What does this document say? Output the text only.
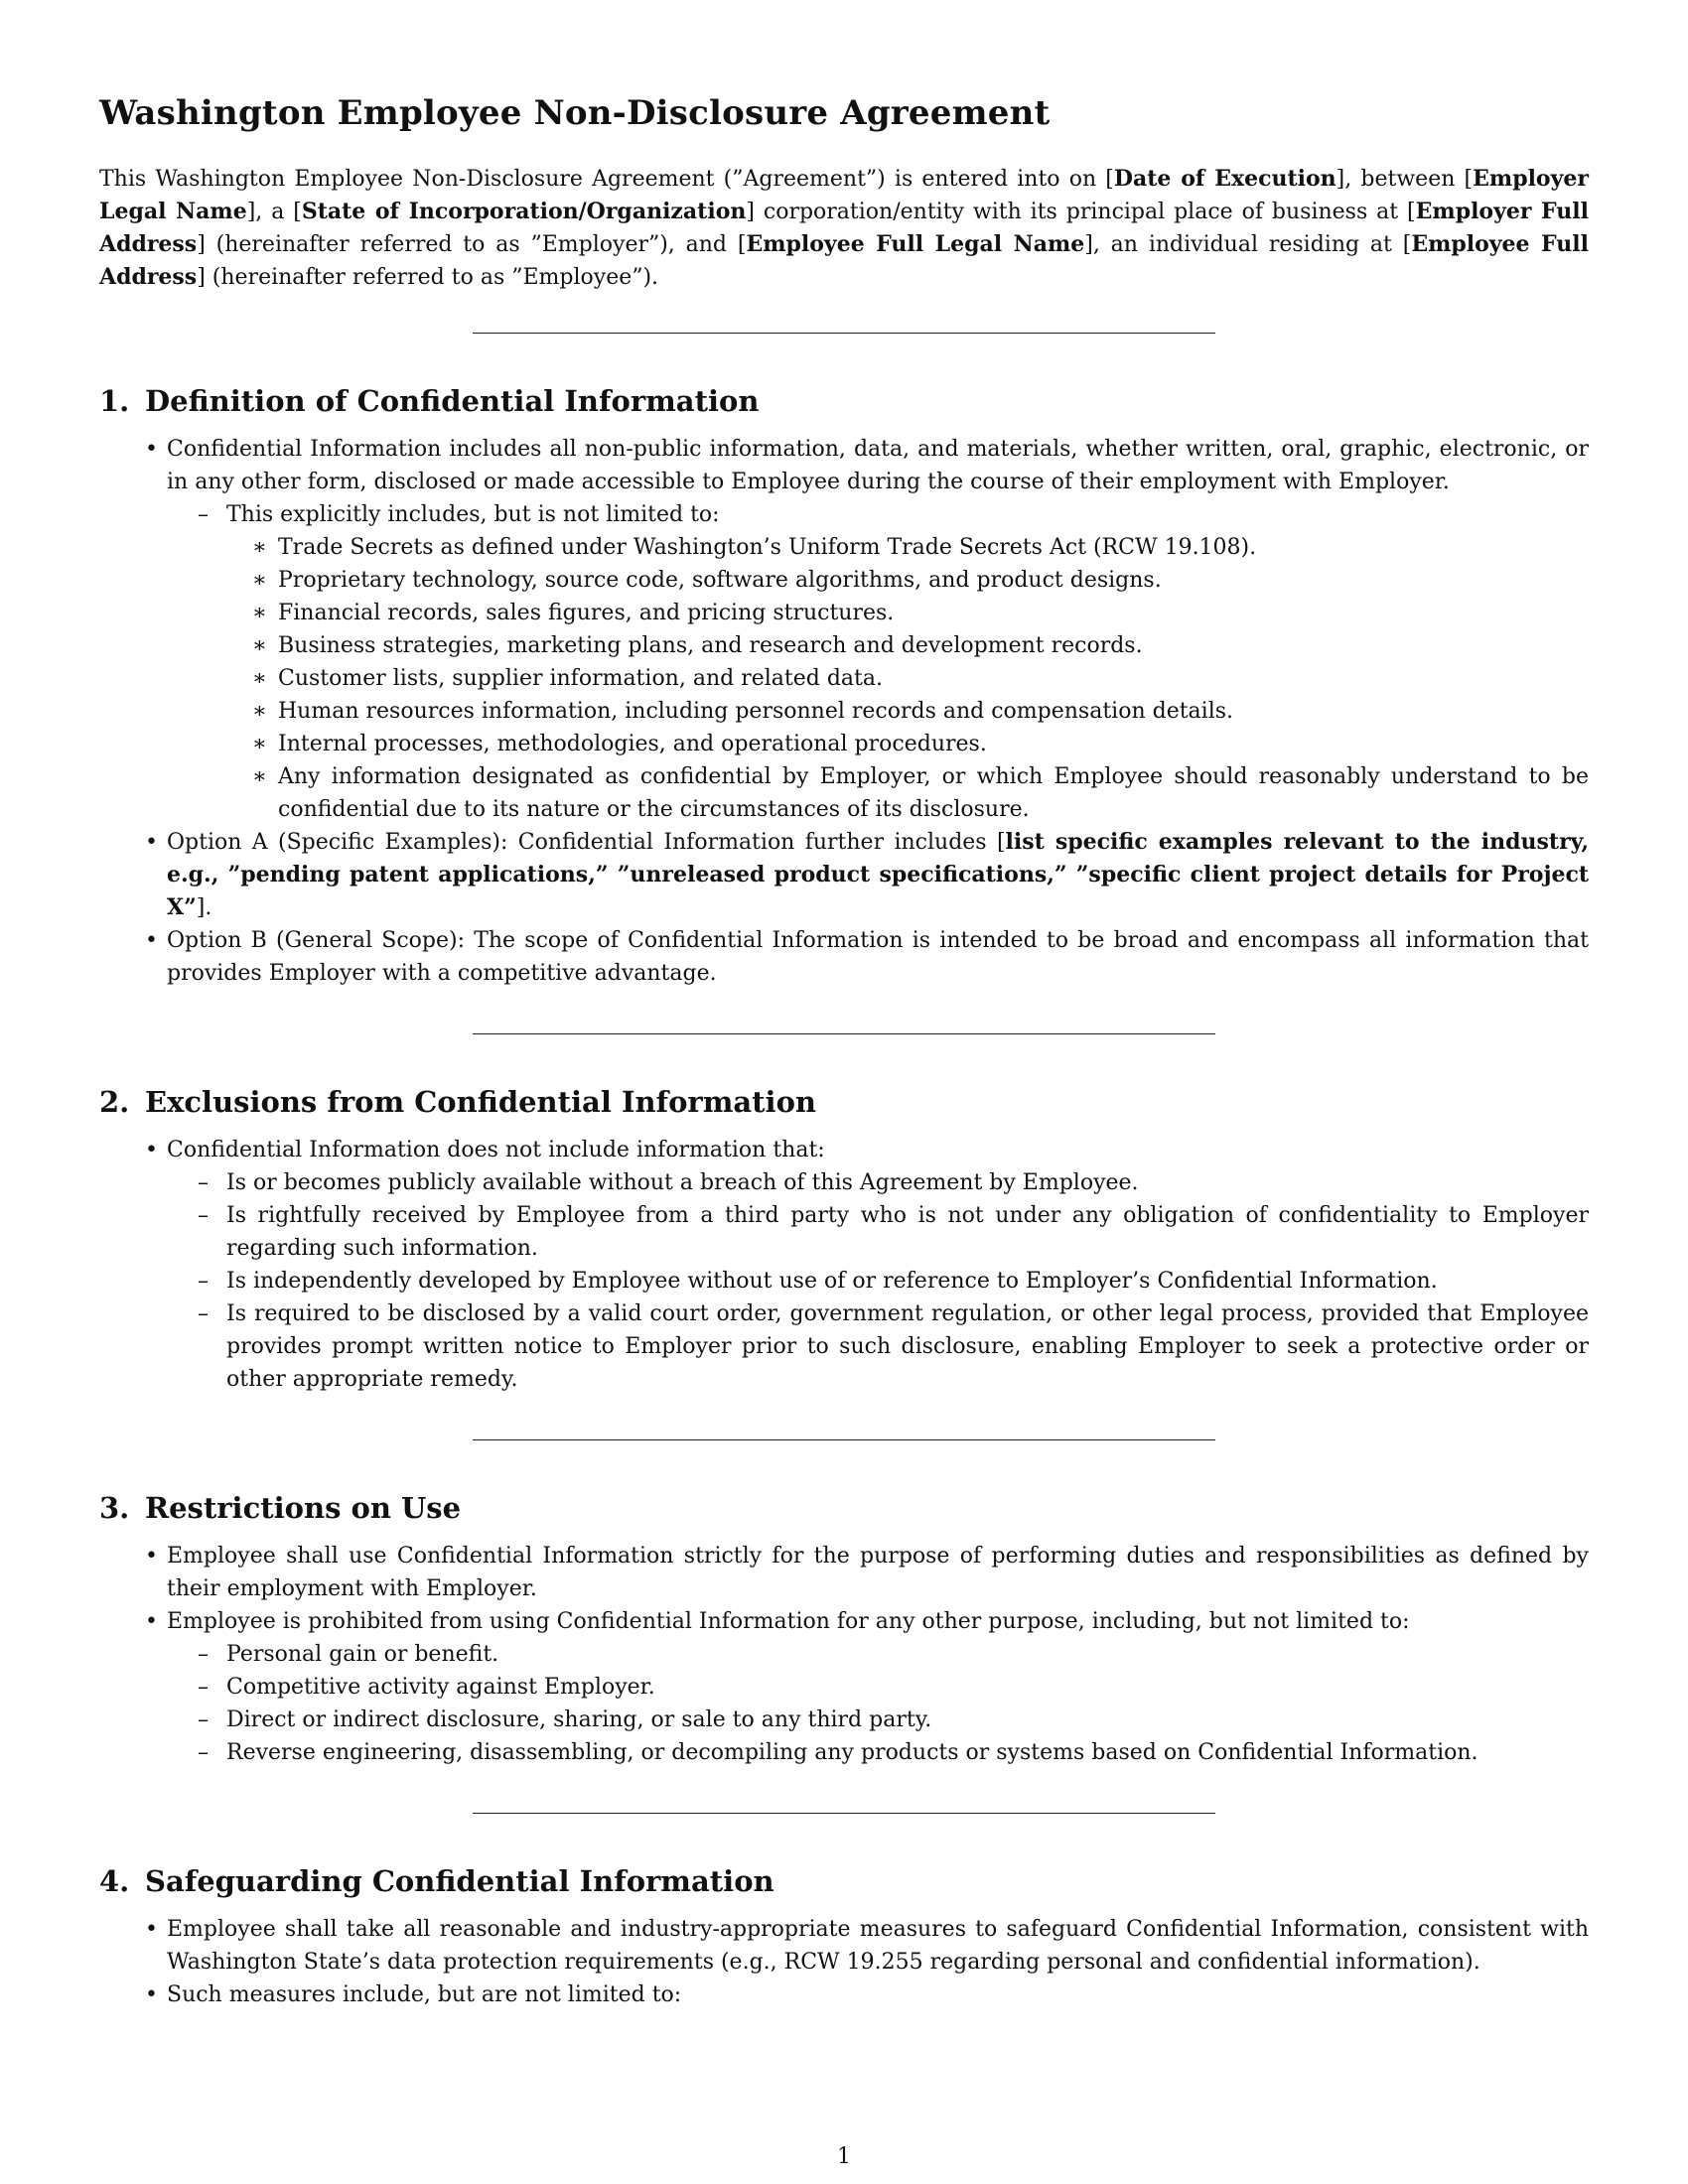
Washington Employee Non-Disclosure Agreement

This Washington Employee Non-Disclosure Agreement (”Agreement”) is entered into on [Date of Execution], between [Employer Legal Name], a [State of Incorporation/Organization] corporation/entity with its principal place of business at [Employer Full Address] (hereinafter referred to as ”Employer”), and [Employee Full Legal Name], an individual residing at [Employee Full Address] (hereinafter referred to as ”Employee”).

1. Definition of Confidential Information
• Confidential Information includes all non-public information, data, and materials, whether written, oral, graphic, electronic, or in any other form, disclosed or made accessible to Employee during the course of their employment with Employer.
– This explicitly includes, but is not limited to:
∗ Trade Secrets as defined under Washington’s Uniform Trade Secrets Act (RCW 19.108).
∗ Proprietary technology, source code, software algorithms, and product designs.
∗ Financial records, sales figures, and pricing structures.
∗ Business strategies, marketing plans, and research and development records.
∗ Customer lists, supplier information, and related data.
∗ Human resources information, including personnel records and compensation details.
∗ Internal processes, methodologies, and operational procedures.
∗ Any information designated as confidential by Employer, or which Employee should reasonably understand to be confidential due to its nature or the circumstances of its disclosure.
• Option A (Specific Examples): Confidential Information further includes [list specific examples relevant to the industry, e.g., ”pending patent applications,” ”unreleased product specifications,” ”specific client project details for Project X”].
• Option B (General Scope): The scope of Confidential Information is intended to be broad and encompass all information that provides Employer with a competitive advantage.
2. Exclusions from Confidential Information
• Confidential Information does not include information that:
– Is or becomes publicly available without a breach of this Agreement by Employee.
– Is rightfully received by Employee from a third party who is not under any obligation of confidentiality to Employer regarding such information.
– Is independently developed by Employee without use of or reference to Employer’s Confidential Information.
– Is required to be disclosed by a valid court order, government regulation, or other legal process, provided that Employee provides prompt written notice to Employer prior to such disclosure, enabling Employer to seek a protective order or other appropriate remedy.
3. Restrictions on Use
• Employee shall use Confidential Information strictly for the purpose of performing duties and responsibilities as defined by their employment with Employer.
• Employee is prohibited from using Confidential Information for any other purpose, including, but not limited to:
– Personal gain or benefit.
– Competitive activity against Employer.
– Direct or indirect disclosure, sharing, or sale to any third party.
– Reverse engineering, disassembling, or decompiling any products or systems based on Confidential Information.
4. Safeguarding Confidential Information
• Employee shall take all reasonable and industry-appropriate measures to safeguard Confidential Information, consistent with Washington State’s data protection requirements (e.g., RCW 19.255 regarding personal and confidential information).
• Such measures include, but are not limited to:
1
